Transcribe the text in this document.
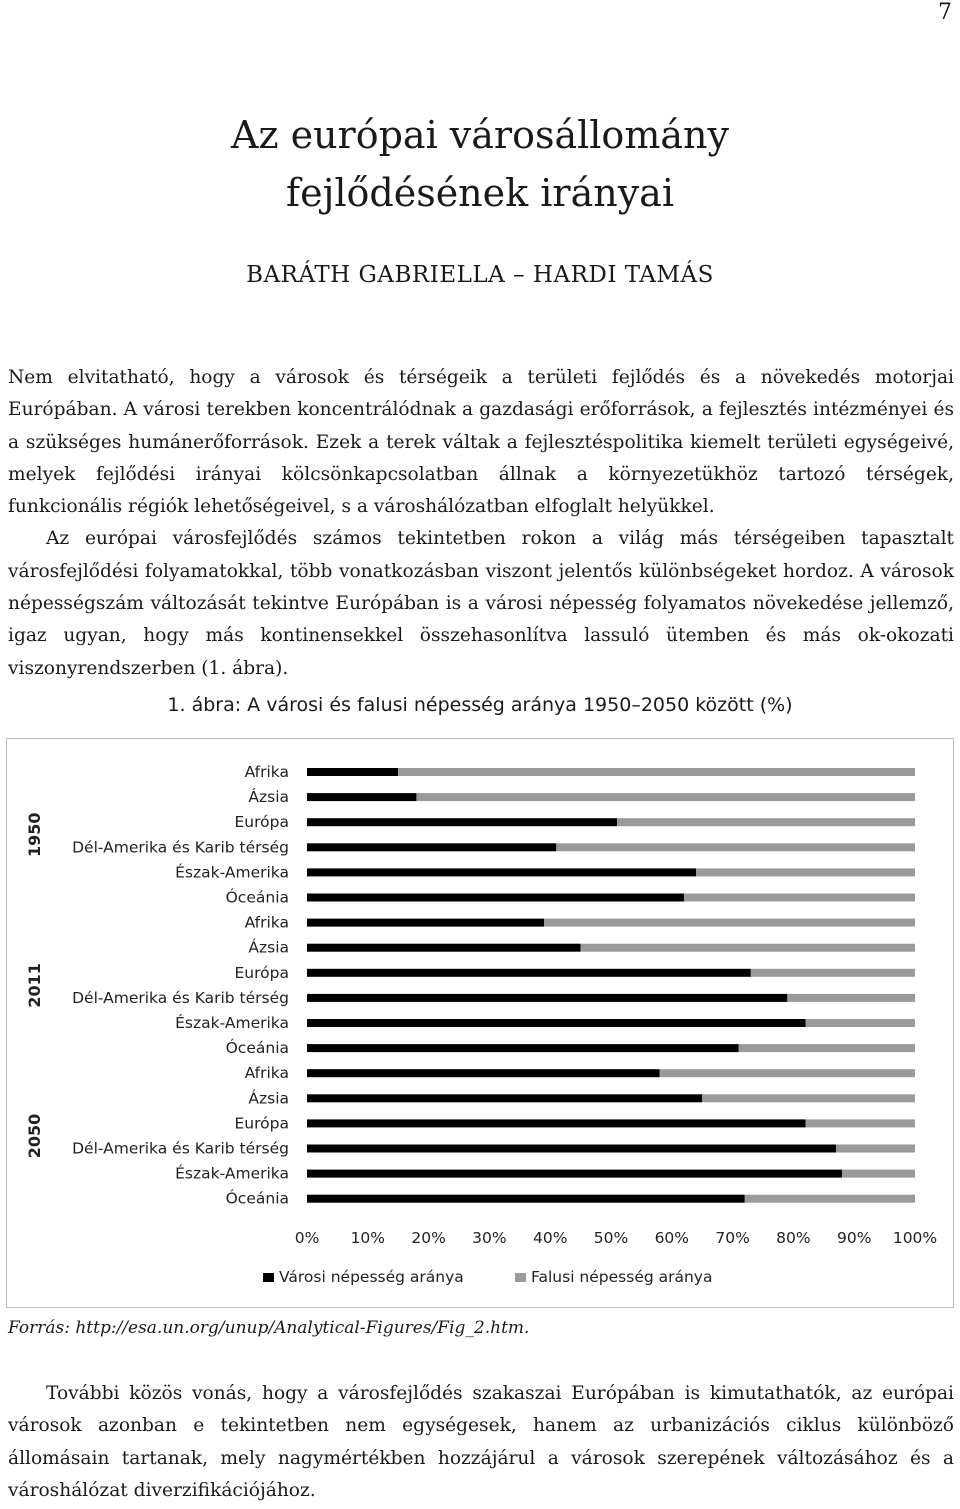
7
Az európai városállomány
fejlődésének irányai
BARÁTH GABRIELLA – HARDI TAMÁS

Nem elvitatható, hogy a városok és térségeik a területi fejlődés és a növekedés motorjai Európában. A városi terekben koncentrálódnak a gazdasági erőforrások, a fejlesztés intézményei és a szükséges humánerőforrások. Ezek a terek váltak a fejlesztéspolitika kiemelt területi egységeivé, melyek fejlődési irányai kölcsönkapcsolatban állnak a környezetükhöz tartozó térségek, funkcionális régiók lehetőségeivel, s a városhálózatban elfoglalt helyükkel.

Az európai városfejlődés számos tekintetben rokon a világ más térségeiben tapasztalt városfejlődési folyamatokkal, több vonatkozásban viszont jelentős különbségeket hordoz. A városok népességszám változását tekintve Európában is a városi népesség folyamatos növekedése jellemző, igaz ugyan, hogy más kontinensekkel összehasonlítva lassuló ütemben és más ok-okozati viszonyrendszerben (1. ábra).

1. ábra: A városi és falusi népesség aránya 1950–2050 között (%)
Afrika
Ázsia
Európa
Dél-Amerika és Karib térség
Észak-Amerika
Óceánia
1950
Afrika
Ázsia
Európa
Dél-Amerika és Karib térség
Észak-Amerika
Óceánia
2011
Afrika
Ázsia
Európa
Dél-Amerika és Karib térség
Észak-Amerika
Óceánia
2050
0% 10% 20% 30% 40% 50% 60% 70% 80% 90% 100%
Városi népesség aránya	Falusi népesség aránya
Forrás: http://esa.un.org/unup/Analytical-Figures/Fig_2.htm.

További közös vonás, hogy a városfejlődés szakaszai Európában is kimutathatók, az európai városok azonban e tekintetben nem egységesek, hanem az urbanizációs ciklus különböző állomásain tartanak, mely nagymértékben hozzájárul a városok szerepének változásához és a városhálózat diverzifikációjához.
